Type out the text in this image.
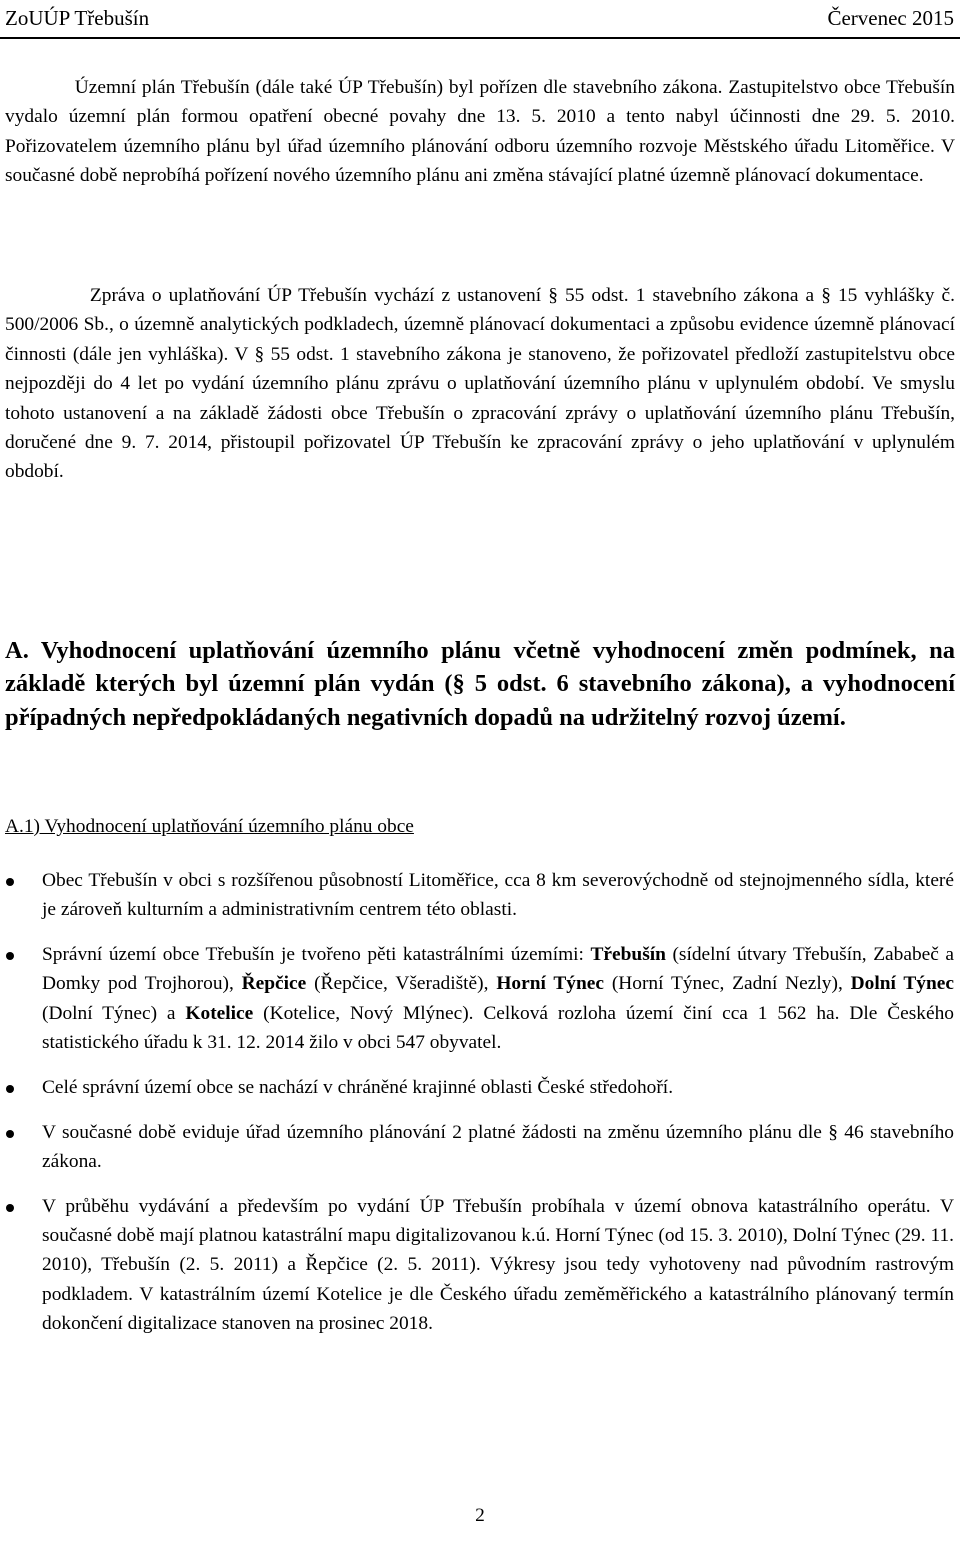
ZoUÚP Třebušín	Červenec 2015

Územní plán Třebušín (dále také ÚP Třebušín) byl pořízen dle stavebního zákona. Zastupitelstvo obce Třebušín vydalo územní plán formou opatření obecné povahy dne 13. 5. 2010 a tento nabyl účinnosti dne 29. 5. 2010. Pořizovatelem územního plánu byl úřad územního plánování odboru územního rozvoje Městského úřadu Litoměřice. V současné době neprobíhá pořízení nového územního plánu ani změna stávající platné územně plánovací dokumentace.

Zpráva o uplatňování ÚP Třebušín vychází z ustanovení § 55 odst. 1 stavebního zákona a § 15 vyhlášky č. 500/2006 Sb., o územně analytických podkladech, územně plánovací dokumentaci a způsobu evidence územně plánovací činnosti (dále jen vyhláška). V § 55 odst. 1 stavebního zákona je stanoveno, že pořizovatel předloží zastupitelstvu obce nejpozději do 4 let po vydání územního plánu zprávu o uplatňování územního plánu v uplynulém období. Ve smyslu tohoto ustanovení a na základě žádosti obce Třebušín o zpracování zprávy o uplatňování územního plánu Třebušín, doručené dne 9. 7. 2014, přistoupil pořizovatel ÚP Třebušín ke zpracování zprávy o jeho uplatňování v uplynulém období.

A. Vyhodnocení uplatňování územního plánu včetně vyhodnocení změn podmínek, na základě kterých byl územní plán vydán (§ 5 odst. 6 stavebního zákona), a vyhodnocení případných nepředpokládaných negativních dopadů na udržitelný rozvoj území.

A.1) Vyhodnocení uplatňování územního plánu obce

Obec Třebušín v obci s rozšířenou působností Litoměřice, cca 8 km severovýchodně od stejnojmenného sídla, které je zároveň kulturním a administrativním centrem této oblasti.
Správní území obce Třebušín je tvořeno pěti katastrálními územími: Třebušín (sídelní útvary Třebušín, Zababeč a Domky pod Trojhorou), Řepčice (Řepčice, Všeradiště), Horní Týnec (Horní Týnec, Zadní Nezly), Dolní Týnec (Dolní Týnec) a Kotelice (Kotelice, Nový Mlýnec). Celková rozloha území činí cca 1 562 ha. Dle Českého statistického úřadu k 31. 12. 2014 žilo v obci 547 obyvatel.
Celé správní území obce se nachází v chráněné krajinné oblasti České středohoří.
V současné době eviduje úřad územního plánování 2 platné žádosti na změnu územního plánu dle § 46 stavebního zákona.
V průběhu vydávání a především po vydání ÚP Třebušín probíhala v území obnova katastrálního operátu. V současné době mají platnou katastrální mapu digitalizovanou k.ú. Horní Týnec (od 15. 3. 2010), Dolní Týnec (29. 11. 2010), Třebušín (2. 5. 2011) a Řepčice (2. 5. 2011). Výkresy jsou tedy vyhotoveny nad původním rastrovým podkladem. V katastrálním území Kotelice je dle Českého úřadu zeměměřického a katastrálního plánovaný termín dokončení digitalizace stanoven na prosinec 2018.
2
